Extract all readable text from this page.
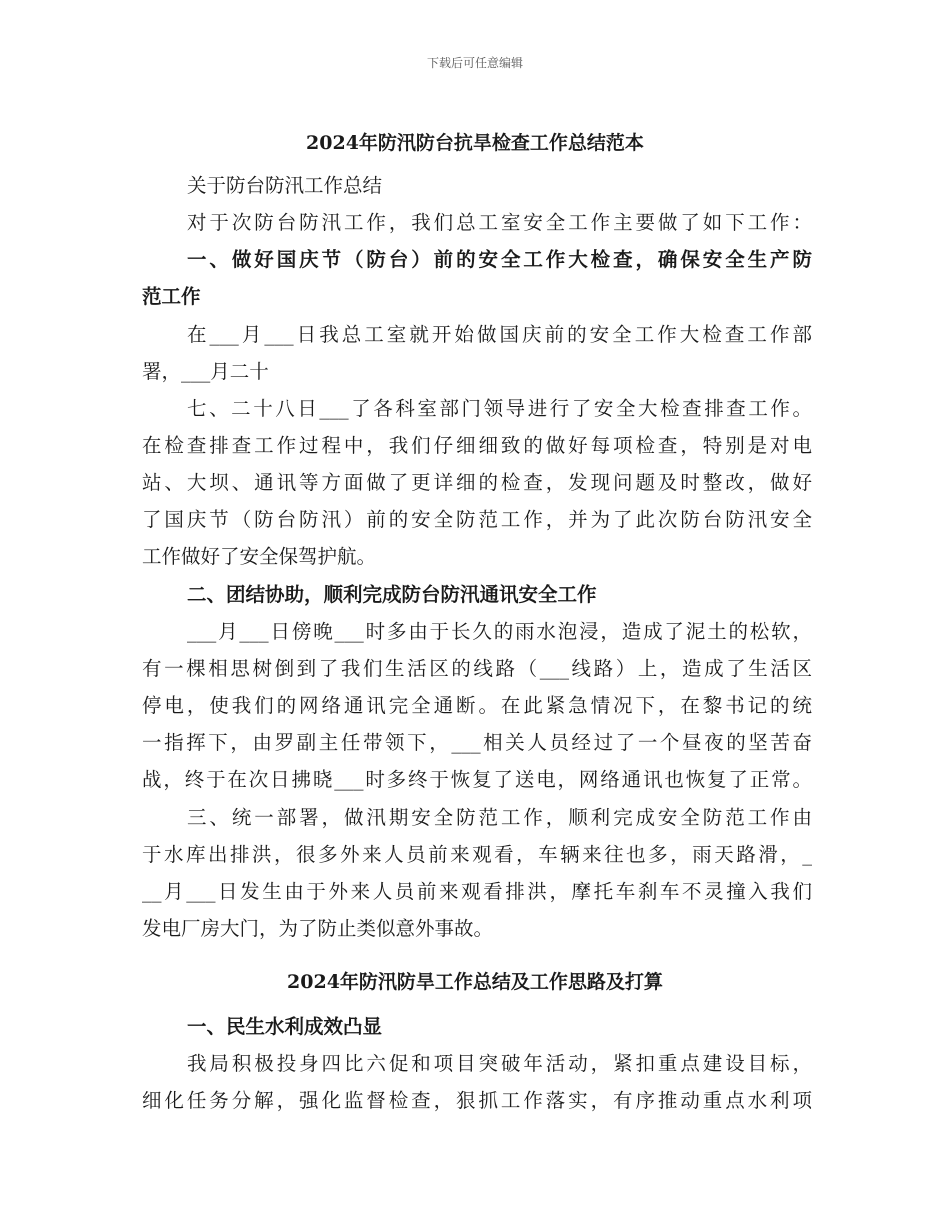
下载后可任意编辑
2024年防汛防台抗旱检查工作总结范本
关于防台防汛工作总结
对于次防台防汛工作，我们总工室安全工作主要做了如下工作：
一、做好国庆节（防台）前的安全工作大检查，确保安全生产防
范工作
在___月___日我总工室就开始做国庆前的安全工作大检查工作部
署，___月二十
七、二十八日___了各科室部门领导进行了安全大检查排查工作。
在检查排查工作过程中，我们仔细细致的做好每项检查，特别是对电
站、大坝、通讯等方面做了更详细的检查，发现问题及时整改，做好
了国庆节（防台防汛）前的安全防范工作，并为了此次防台防汛安全
工作做好了安全保驾护航。
二、团结协助，顺利完成防台防汛通讯安全工作
___月___日傍晚___时多由于长久的雨水泡浸，造成了泥土的松软，
有一棵相思树倒到了我们生活区的线路（___线路）上，造成了生活区
停电，使我们的网络通讯完全通断。在此紧急情况下，在黎书记的统
一指挥下，由罗副主任带领下，___相关人员经过了一个昼夜的坚苦奋
战，终于在次日拂晓___时多终于恢复了送电，网络通讯也恢复了正常。
三、统一部署，做汛期安全防范工作，顺利完成安全防范工作由
于水库出排洪，很多外来人员前来观看，车辆来往也多，雨天路滑，_
__月___日发生由于外来人员前来观看排洪，摩托车刹车不灵撞入我们
发电厂房大门，为了防止类似意外事故。
2024年防汛防旱工作总结及工作思路及打算
一、民生水利成效凸显
我局积极投身四比六促和项目突破年活动，紧扣重点建设目标，
细化任务分解，强化监督检查，狠抓工作落实，有序推动重点水利项
